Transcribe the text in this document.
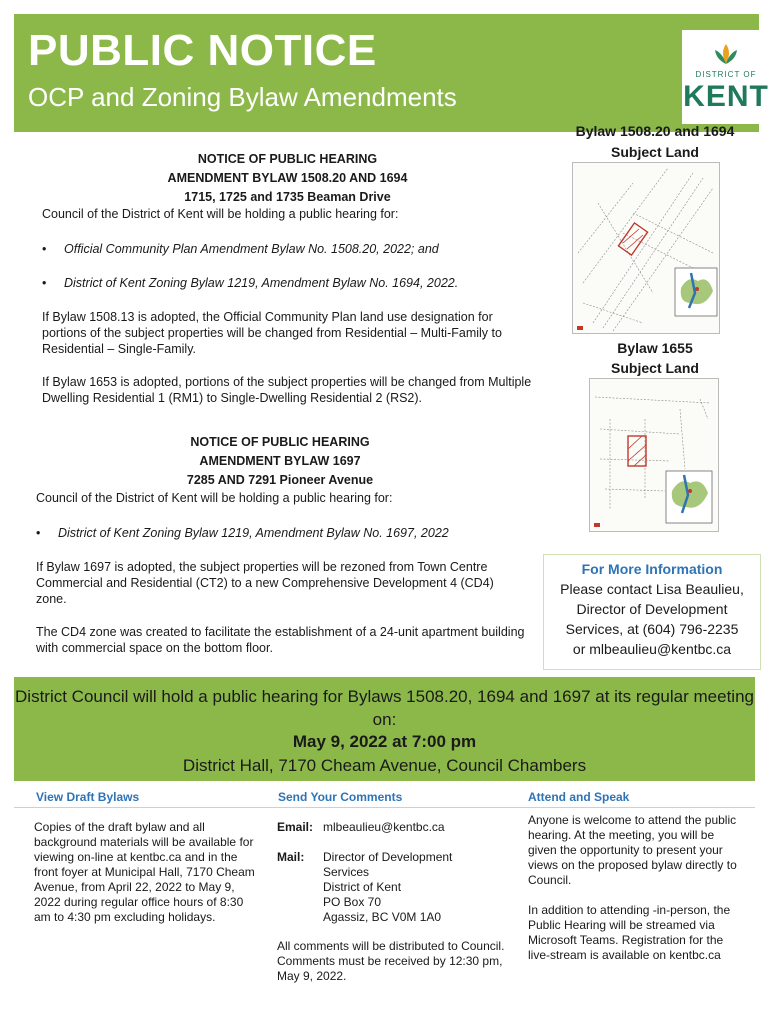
PUBLIC NOTICE
OCP and Zoning Bylaw Amendments
DISTRICT OF
KENT
Bylaw 1508.20 and 1694
Subject Land
Bylaw 1655
Subject Land
NOTICE OF PUBLIC HEARING
AMENDMENT BYLAW 1508.20 AND 1694
1715, 1725 and 1735 Beaman Drive
Council of the District of Kent will be holding a public hearing for:
• Official Community Plan Amendment Bylaw No. 1508.20, 2022; and
• District of Kent Zoning Bylaw 1219, Amendment Bylaw No. 1694, 2022.
If Bylaw 1508.13 is adopted, the Official Community Plan land use designation for portions of the subject properties will be changed from Residential – Multi-Family to Residential – Single-Family.
If Bylaw 1653 is adopted, portions of the subject properties will be changed from Multiple Dwelling Residential 1 (RM1) to Single-Dwelling Residential 2 (RS2).
NOTICE OF PUBLIC HEARING
AMENDMENT BYLAW 1697
7285 AND 7291 Pioneer Avenue
Council of the District of Kent will be holding a public hearing for:
• District of Kent Zoning Bylaw 1219, Amendment Bylaw No. 1697, 2022
If Bylaw 1697 is adopted, the subject properties will be rezoned from Town Centre Commercial and Residential (CT2) to a new Comprehensive Development 4 (CD4) zone.
The CD4 zone was created to facilitate the establishment of a 24-unit apartment building with commercial space on the bottom floor.
For More Information
Please contact Lisa Beaulieu,
Director of Development
Services, at (604) 796-2235
or mlbeaulieu@kentbc.ca
District Council will hold a public hearing for Bylaws 1508.20, 1694 and 1697 at its regular meeting on:
May 9, 2022 at 7:00 pm
District Hall, 7170 Cheam Avenue, Council Chambers
View Draft Bylaws
Copies of the draft bylaw and all background materials will be available for viewing on-line at kentbc.ca and in the front foyer at Municipal Hall, 7170 Cheam Avenue, from April 22, 2022 to May 9, 2022 during regular office hours of 8:30 am to 4:30 pm excluding holidays.
Send Your Comments
Email: mlbeaulieu@kentbc.ca
Mail: Director of Development
Services
District of Kent
PO Box 70
Agassiz, BC V0M 1A0
All comments will be distributed to Council. Comments must be received by 12:30 pm, May 9, 2022.
Attend and Speak
Anyone is welcome to attend the public hearing. At the meeting, you will be given the opportunity to present your views on the proposed bylaw directly to Council.
In addition to attending -in-person, the Public Hearing will be streamed via Microsoft Teams. Registration for the live-stream is available on kentbc.ca
